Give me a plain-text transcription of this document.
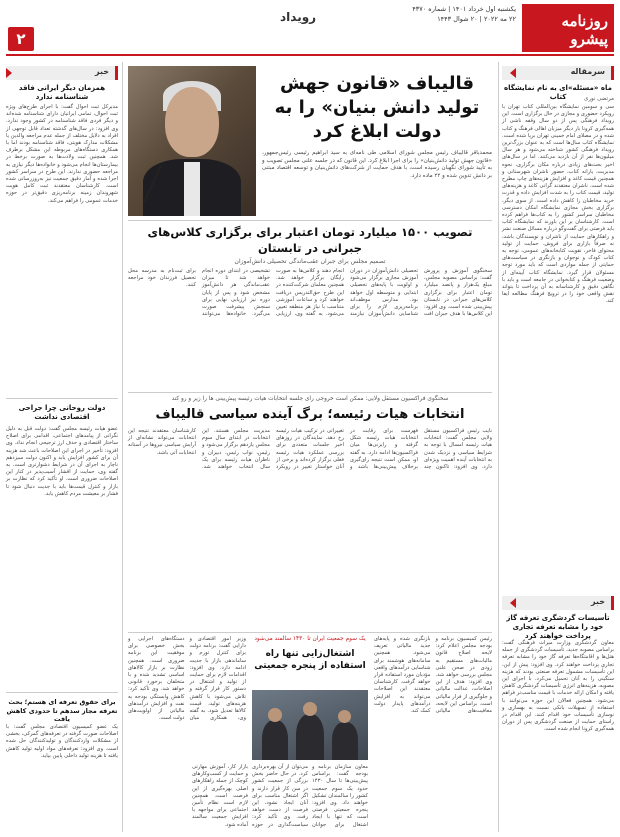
۲
رویداد
یکشنبه اول خرداد ۱۴۰۱ | شماره ۴۳۷۰
۲۲ مه ۲۰۲۲ | ۲۰ شوال ۱۴۴۳	روزنامه پیشرو
سرمقاله
ماه «مسئله»ای به نام نمایشگاه کتاب	مرتضی نوری
سی و سومین نمایشگاه بین‌المللی کتاب تهران با رویکرد حضوری و مجازی در حال برگزاری است. این رویداد فرهنگی پس از دو سال وقفه ناشی از همه‌گیری کرونا بار دیگر میزبان اهالی فرهنگ و کتاب شده و در مصلای امام خمینی تهران برپا شده است. نمایشگاه کتاب سال‌ها است که به عنوان بزرگ‌ترین رویداد فرهنگی کشور شناخته می‌شود و هر سال میلیون‌ها نفر از آن بازدید می‌کنند. اما در سال‌های اخیر بحث‌های زیادی درباره مکان برگزاری، نحوه مدیریت، یارانه کتاب، حضور ناشران شهرستانی و همچنین قیمت کاغذ و افزایش هزینه‌های چاپ مطرح شده است. ناشران معتقدند گرانی کاغذ و هزینه‌های تولید، قیمت کتاب را به شدت افزایش داده و قدرت خرید مخاطبان را کاهش داده است. از سوی دیگر، برگزاری بخش مجازی نمایشگاه امکان دسترسی مخاطبان سراسر کشور را به کتاب‌ها فراهم کرده است. کارشناسان بر این باورند که نمایشگاه کتاب باید فرصتی برای گفت‌وگو درباره مسائل صنعت نشر و راهکارهای حمایت از ناشران و نویسندگان باشد، نه صرفاً بازاری برای فروش. حمایت از تولید محتوای فاخر، تقویت کتابخانه‌های عمومی، توجه به کتاب کودک و نوجوان و بازنگری در سیاست‌های حمایتی از جمله مواردی است که باید مورد توجه مسئولان قرار گیرد. نمایشگاه کتاب آیینه‌ای از وضعیت فرهنگ و کتابخوانی در جامعه است و باید با نگاهی دقیق و کارشناسانه به آن پرداخت تا بتواند نقش واقعی خود را در ترویج فرهنگ مطالعه ایفا کند.
خبر
تأسیسات گردشگری تعرفه گاز خود را مشابه تعرفه تجاری پرداخت خواهند کرد
معاون گردشگری وزارت میراث فرهنگی گفت: براساس مصوبه جدید، تأسیسات گردشگری از جمله هتل‌ها و اقامتگاه‌ها تعرفه گاز خود را مشابه تعرفه تجاری پرداخت خواهند کرد. وی افزود: پیش از این، این تأسیسات مشمول تعرفه صنعتی بودند که هزینه سنگینی را به آنان تحمیل می‌کرد. با اجرای این مصوبه، هزینه‌های انرژی تأسیسات گردشگری کاهش یافته و امکان ارائه خدمات با قیمت مناسب‌تر فراهم می‌شود. همچنین فعالان این حوزه می‌توانند با استفاده از تسهیلات بانکی نسبت به بهسازی و نوسازی تأسیسات خود اقدام کنند. این اقدام در راستای حمایت از صنعت گردشگری پس از دوران همه‌گیری کرونا انجام شده است.
خبر
همزمان دیگر ایرانی فاقد شناسنامه ندارد
مدیرکل ثبت احوال گفت: با اجرای طرح‌های ویژه ثبت احوال، تمامی ایرانیان دارای شناسنامه شده‌اند و دیگر فردی فاقد شناسنامه در کشور وجود ندارد. وی افزود: در سال‌های گذشته تعداد قابل توجهی از افراد به دلایل مختلف از جمله عدم مراجعه والدین یا مشکلات مدارک هویتی، فاقد شناسنامه بودند اما با همکاری دستگاه‌های مربوطه این مشکل برطرف شد. همچنین ثبت ولادت‌ها به صورت برخط در بیمارستان‌ها انجام می‌شود و خانواده‌ها دیگر نیازی به مراجعه حضوری ندارند. این طرح در سراسر کشور اجرا شده و آمار دقیق جمعیت نیز به‌روزرسانی شده است. کارشناسان معتقدند ثبت کامل هویت شهروندان زمینه برنامه‌ریزی دقیق‌تر در حوزه خدمات عمومی را فراهم می‌کند.
دولت روحانی چرا جراحی اقتصادی نداشت
عضو هیات رئیسه مجلس گفت: دولت قبل به دلیل نگرانی از پیامدهای اجتماعی، اقدامی برای اصلاح ساختار اقتصادی و حذف ارز ترجیحی انجام نداد. وی افزود: تأخیر در اجرای این اصلاحات باعث شد هزینه آن برای کشور افزایش یابد و اکنون دولت سیزدهم ناچار به اجرای آن در شرایط دشوارتری است. به گفته وی، حمایت از اقشار آسیب‌پذیر در کنار این اصلاحات ضروری است. او تأکید کرد که نظارت بر بازار و کنترل قیمت‌ها باید با جدیت دنبال شود تا فشار بر معیشت مردم کاهش یابد.
برای حقوق تعرفه ای هستم؛ بحث تعرفه مجاز سدهم تا حدودی کاهش یافت
یک عضو کمیسیون اقتصادی مجلس گفت: با اصلاحات صورت گرفته در تعرفه‌های گمرکی، بخشی از مشکلات واردکنندگان و تولیدکنندگان حل شده است. وی افزود: تعرفه‌های مواد اولیه تولید کاهش یافته تا هزینه تولید داخلی پایین بیاید.
قالیباف «قانون جهش تولید دانش بنیان» را به دولت ابلاغ کرد
محمدباقر قالیباف رئیس مجلس شورای اسلامی طی نامه‌ای به سید ابراهیم رئیسی رئیس‌جمهور، «قانون جهش تولید دانش‌بنیان» را برای اجرا ابلاغ کرد. این قانون که در جلسه علنی مجلس تصویب و به تأیید شورای نگهبان رسیده است، با هدف حمایت از شرکت‌های دانش‌بنیان و توسعه اقتصاد مبتنی بر دانش تدوین شده و ۲۲ ماده دارد.
تصویب ۱۵۰۰ میلیارد تومان اعتبار برای برگزاری کلاس‌های جبرانی در تابستان
تصمیم مجلس برای جبران عقب‌ماندگی تحصیلی دانش‌آموزان
سخنگوی آموزش و پرورش گفت: براساس مصوبه مجلس، مبلغ یک‌هزار و پانصد میلیارد تومان اعتبار برای برگزاری کلاس‌های جبرانی در تابستان پیش‌بینی شده است. وی افزود: این کلاس‌ها با هدف جبران افت تحصیلی دانش‌آموزان در دوران آموزش مجازی برگزار می‌شود و اولویت با پایه‌های تحصیلی ابتدایی و متوسطه اول خواهد بود. مدارس موظف‌اند برنامه‌ریزی لازم را برای شناسایی دانش‌آموزان نیازمند انجام دهند و کلاس‌ها به صورت رایگان برگزار خواهد شد. همچنین معلمان شرکت‌کننده در این طرح حق‌التدریس دریافت خواهند کرد و ساعات آموزشی متناسب با نیاز هر منطقه تعیین می‌شود. به گفته وی، ارزیابی تشخیصی در ابتدای دوره انجام خواهد شد تا میزان عقب‌ماندگی هر دانش‌آموز مشخص شود و پس از پایان دوره نیز ارزیابی نهایی برای سنجش پیشرفت صورت می‌گیرد. خانواده‌ها می‌توانند برای ثبت‌نام به مدرسه محل تحصیل فرزندان خود مراجعه کنند.
سخنگوی فراکسیون مستقل ولایی: ممکن است خروجی رای جلسه انتخابات هیات رئیسه پیش‌بینی ها را زیر و رو کند
انتخابات هیات رئیسه؛ برگ آینده سیاسی قالیباف
نایب رئیس فراکسیون مستقل ولایی مجلس گفت: انتخابات هیات رئیسه امسال با توجه به شرایط سیاسی و نزدیک شدن به انتخابات آینده اهمیت ویژه‌ای دارد. وی افزود: تاکنون چند فهرست برای رقابت در انتخابات هیات رئیسه شکل گرفته و رایزنی‌ها میان فراکسیون‌ها ادامه دارد. به گفته او، ممکن است نتیجه رای‌گیری برخلاف پیش‌بینی‌ها باشد و تغییراتی در ترکیب هیات رئیسه رخ دهد. نمایندگان در روزهای اخیر جلسات متعددی برای بررسی عملکرد هیات رئیسه فعلی برگزار کرده‌اند و برخی از آنان خواستار تغییر در رویکرد مدیریت مجلس هستند. این انتخابات در ابتدای سال سوم مجلس یازدهم برگزار می‌شود و رئیس، نواب رئیس، دبیران و ناظران هیات رئیسه برای یک سال انتخاب خواهند شد. کارشناسان معتقدند نتیجه این انتخابات می‌تواند نشانه‌ای از آرایش سیاسی نیروها در آستانه انتخابات آتی باشد.
وزیر امور اقتصادی و دارایی گفت: برنامه دولت برای کنترل تورم و ساماندهی بازار با جدیت ادامه دارد. وی افزود: اقدامات لازم برای حمایت از تولید و اشتغال در دستور کار قرار گرفته و تلاش می‌شود با کاهش هزینه‌های تولید، قیمت کالاها تعدیل شود. به گفته وی، همکاری میان دستگاه‌های اجرایی و بخش خصوصی برای موفقیت این برنامه ضروری است. همچنین نظارت بر بازار کالاهای اساسی تشدید شده و با متخلفان برخورد قانونی خواهد شد. وی تأکید کرد: کاهش وابستگی بودجه به نفت و افزایش درآمدهای مالیاتی از اولویت‌های دولت است.
رئیس کمیسیون برنامه و بودجه مجلس اعلام کرد: لایحه اصلاح قانون مالیات‌های مستقیم به زودی در صحن علنی مجلس بررسی خواهد شد. وی افزود: هدف از این اصلاحات، عدالت مالیاتی و جلوگیری از فرار مالیاتی است. براساس این لایحه، معافیت‌های مالیاتی بازنگری شده و پایه‌های جدید مالیاتی تعریف می‌شود. همچنین سامانه‌های هوشمند برای شناسایی درآمدهای واقعی مؤدیان مورد استفاده قرار خواهد گرفت. کارشناسان معتقدند این اصلاحات می‌تواند به افزایش درآمدهای پایدار دولت کمک کند.
یک سوم جمعیت ایران تا ۱۴۳۰ سالمند می‌شود
اشتغال‌زایی تنها راه استفاده از پنجره جمعیتی
معاون سازمان برنامه و بودجه گفت: براساس پیش‌بینی‌ها تا سال ۱۴۳۰ حدود یک سوم جمعیت کشور را سالمندان تشکیل خواهند داد. وی افزود: پنجره جمعیتی فرصتی است که تنها با ایجاد اشتغال برای جوانان می‌توان از آن بهره‌برداری کرد. در حال حاضر بخش بزرگی از جمعیت کشور در سن کار قرار دارند و اگر اشتغال مناسب برای آنان ایجاد نشود، این فرصت از دست خواهد رفت. وی تأکید کرد: سیاست‌گذاری در حوزه بازار کار، آموزش مهارتی و حمایت از کسب‌وکارهای کوچک از جمله راهکارهای اصلی بهره‌گیری از این فرصت است. همچنین لازم است نظام تأمین اجتماعی برای مواجهه با افزایش جمعیت سالمند آماده شود.
